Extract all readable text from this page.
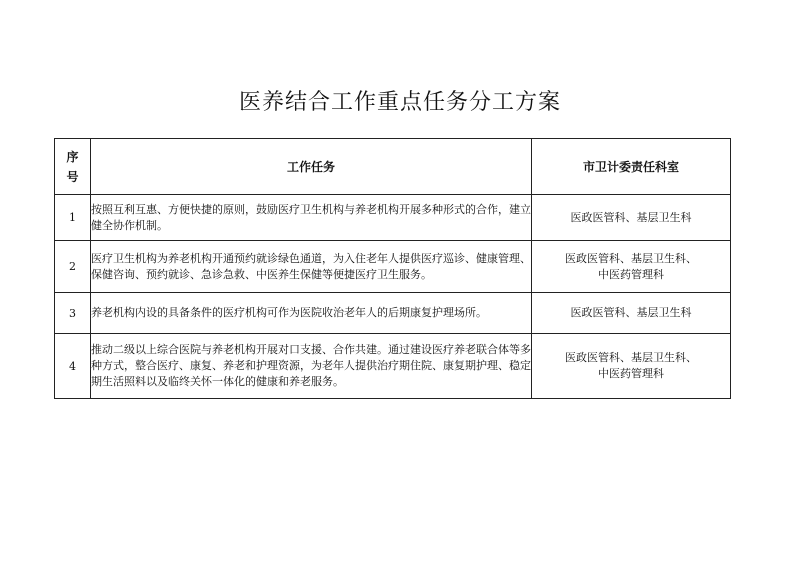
医养结合工作重点任务分工方案
序
号	工作任务	市卫计委责任科室
1	按照互利互惠、方便快捷的原则，鼓励医疗卫生机构与养老机构开展多种形式的合作，建立健全协作机制。	医政医管科、基层卫生科

2	医疗卫生机构为养老机构开通预约就诊绿色通道，为入住老年人提供医疗巡诊、健康管理、保健咨询、预约就诊、急诊急救、中医养生保健等便捷医疗卫生服务。	医政医管科、基层卫生科、
中医药管理科

3	养老机构内设的具备条件的医疗机构可作为医院收治老年人的后期康复护理场所。	医政医管科、基层卫生科

4	推动二级以上综合医院与养老机构开展对口支援、合作共建。通过建设医疗养老联合体等多种方式，整合医疗、康复、养老和护理资源，为老年人提供治疗期住院、康复期护理、稳定期生活照料以及临终关怀一体化的健康和养老服务。	医政医管科、基层卫生科、
中医药管理科
